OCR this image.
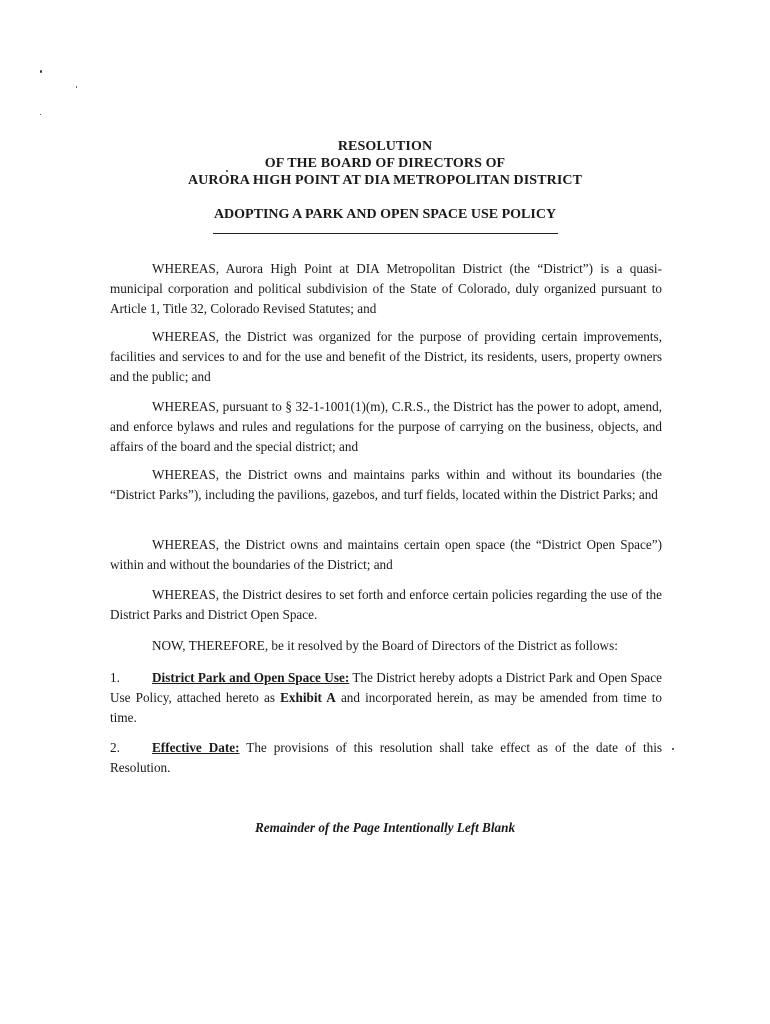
RESOLUTION
OF THE BOARD OF DIRECTORS OF
AURORA HIGH POINT AT DIA METROPOLITAN DISTRICT
ADOPTING A PARK AND OPEN SPACE USE POLICY

WHEREAS, Aurora High Point at DIA Metropolitan District (the “District”) is a quasi-municipal corporation and political subdivision of the State of Colorado, duly organized pursuant to Article 1, Title 32, Colorado Revised Statutes; and

WHEREAS, the District was organized for the purpose of providing certain improvements, facilities and services to and for the use and benefit of the District, its residents, users, property owners and the public; and

WHEREAS, pursuant to § 32-1-1001(1)(m), C.R.S., the District has the power to adopt, amend, and enforce bylaws and rules and regulations for the purpose of carrying on the business, objects, and affairs of the board and the special district; and

WHEREAS, the District owns and maintains parks within and without its boundaries (the “District Parks”), including the pavilions, gazebos, and turf fields, located within the District Parks; and

WHEREAS, the District owns and maintains certain open space (the “District Open Space”) within and without the boundaries of the District; and

WHEREAS, the District desires to set forth and enforce certain policies regarding the use of the District Parks and District Open Space.

NOW, THEREFORE, be it resolved by the Board of Directors of the District as follows:

1. District Park and Open Space Use: The District hereby adopts a District Park and Open Space Use Policy, attached hereto as Exhibit A and incorporated herein, as may be amended from time to time.

2. Effective Date: The provisions of this resolution shall take effect as of the date of this Resolution.

Remainder of the Page Intentionally Left Blank
